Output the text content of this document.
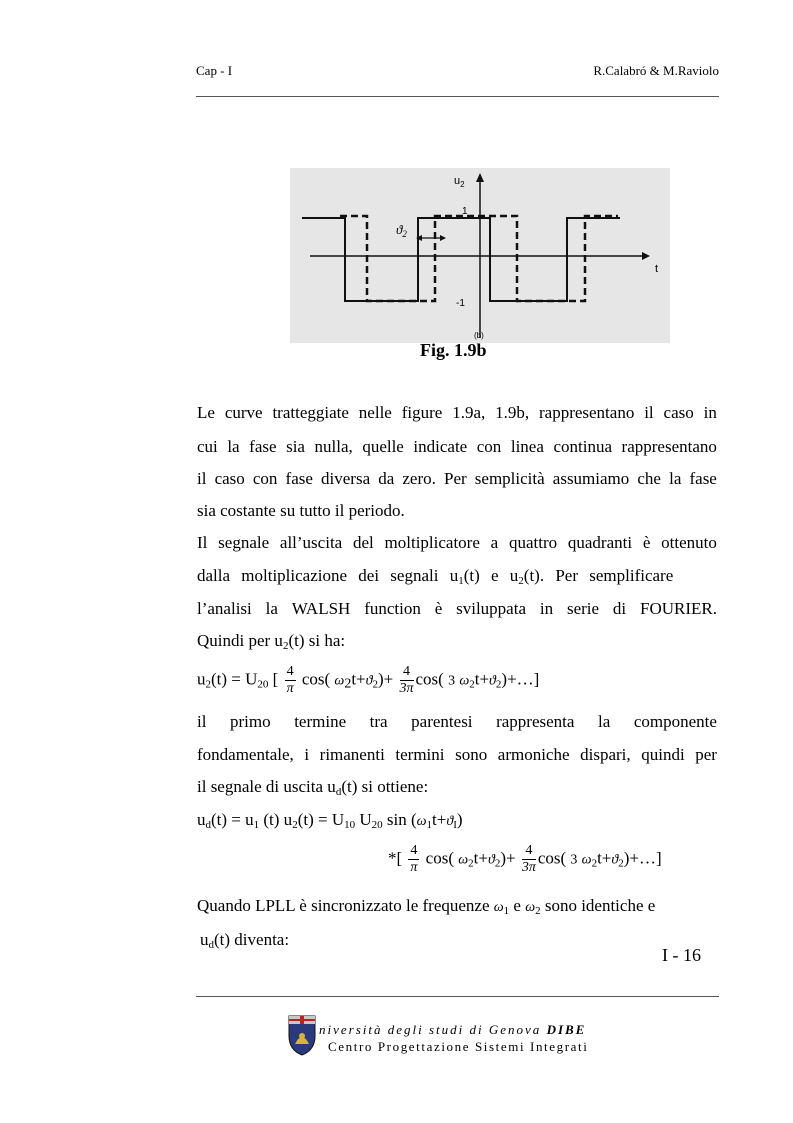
Cap - I	R.Calabró & M.Raviolo
$u_2$
t
1
-1
$ϑ_2$
(b)
Fig. 1.9b
Le curve tratteggiate nelle figure 1.9a, 1.9b, rappresentano il caso in
cui la fase sia nulla, quelle indicate con linea continua rappresentano
il caso con fase diversa da zero. Per semplicità assumiamo che la fase
sia costante su tutto il periodo.
Il segnale all’uscita del moltiplicatore a quattro quadranti è ottenuto
dalla moltiplicazione dei segnali $u_1(t)$ e $u_2(t)$. Per semplificare
l’analisi la WALSH function è sviluppata in serie di FOURIER.
Quindi per $u_2(t)$ si ha:
$u_2(t) = U_{20}$ [ $\frac{4}{\pi} \cos$( $\omega_2t+ϑ_2)+ \frac{4}{3\pi} \cos$( 3 $\omega_2t+ϑ_2)+\dots$]
il primo termine tra parentesi rappresenta la componente
fondamentale, i rimanenti termini sono armoniche dispari, quindi per
il segnale di uscita $u_d(t)$ si ottiene:
$u_d(t) = u_1$ (t) $u_2(t) = U_{10}$ $U_{20}$ $\sin (\omega_1t+ϑ_I)$
*[ $\frac{4}{\pi} \cos$( $\omega_2t+ϑ_2)+ \frac{4}{3\pi} \cos$( 3 $\omega_2t+ϑ_2)+\dots$]
Quando LPLL è sincronizzato le frequenze $\omega_1$ e $\omega_2$ sono identiche e
$u_d(t)$ diventa:
I - 16
niversità degli studi di Genova DIBE
Centro Progettazione Sistemi Integrati
